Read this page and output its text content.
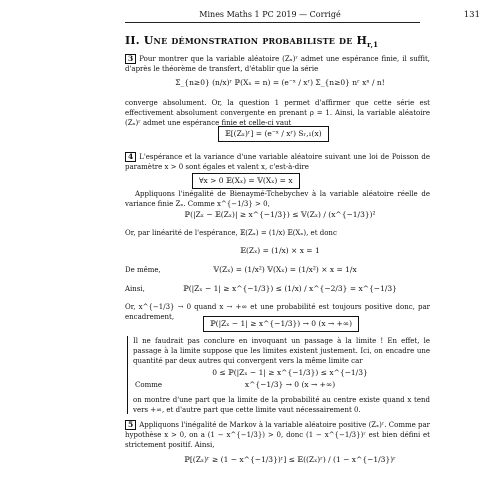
Mines Maths 1 PC 2019 — Corrigé	131
II. Une démonstration probabiliste de $H_{r,1}$
3 Pour montrer que la variable aléatoire (Zₓ)ʳ admet une espérance finie, il suffit, d'après le théorème de transfert, d'établir que la série
Σ_{n≥0} (n/x)ʳ ℙ(Xₓ = n) = (e⁻ˣ / xʳ) Σ_{n≥0} nʳ xⁿ / n!
converge absolument. Or, la question 1 permet d'affirmer que cette série est effectivement absolument convergente en prenant ρ = 1. Ainsi, la variable aléatoire (Zₓ)ʳ admet une espérance finie et celle-ci vaut
𝔼[(Zₓ)ʳ] = (e⁻ˣ / xʳ) Sᵣ,₁(x)
4 L'espérance et la variance d'une variable aléatoire suivant une loi de Poisson de paramètre x > 0 sont égales et valent x, c'est-à-dire
∀x > 0 𝔼(Xₓ) = 𝕍(Xₓ) = x
Appliquons l'inégalité de Bienaymé-Tchebychev à la variable aléatoire réelle de variance finie Zₓ. Comme x^{−1/3} > 0,
ℙ(|Zₓ − 𝔼(Zₓ)| ≥ x^{−1/3}) ≤ 𝕍(Zₓ) / (x^{−1/3})²
Or, par linéarité de l'espérance, 𝔼(Zₓ) = (1/x) 𝔼(Xₓ), et donc
𝔼(Zₓ) = (1/x) × x = 1
De même,	𝕍(Zₓ) = (1/x²) 𝕍(Xₓ) = (1/x²) × x = 1/x
Ainsi,	ℙ(|Zₓ − 1| ≥ x^{−1/3}) ≤ (1/x) / x^{−2/3} = x^{−1/3}
Or, x^{−1/3} → 0 quand x → +∞ et une probabilité est toujours positive donc, par encadrement,
ℙ(|Zₓ − 1| ≥ x^{−1/3}) → 0 (x → +∞)
Il ne faudrait pas conclure en invoquant un passage à la limite ! En effet, le passage à la limite suppose que les limites existent justement. Ici, on encadre une quantité par deux autres qui convergent vers la même limite car
0 ≤ ℙ(|Zₓ − 1| ≥ x^{−1/3}) ≤ x^{−1/3}
Comme	x^{−1/3} → 0 (x → +∞)
on montre d'une part que la limite de la probabilité au centre existe quand x tend vers +∞, et d'autre part que cette limite vaut nécessairement 0.
5 Appliquons l'inégalité de Markov à la variable aléatoire positive (Zₓ)ʳ. Comme par hypothèse x > 0, on a (1 − x^{−1/3}) > 0, donc (1 − x^{−1/3})ʳ est bien défini et strictement positif. Ainsi,
ℙ[(Zₓ)ʳ ≥ (1 − x^{−1/3})ʳ] ≤ 𝔼((Zₓ)ʳ) / (1 − x^{−1/3})ʳ
